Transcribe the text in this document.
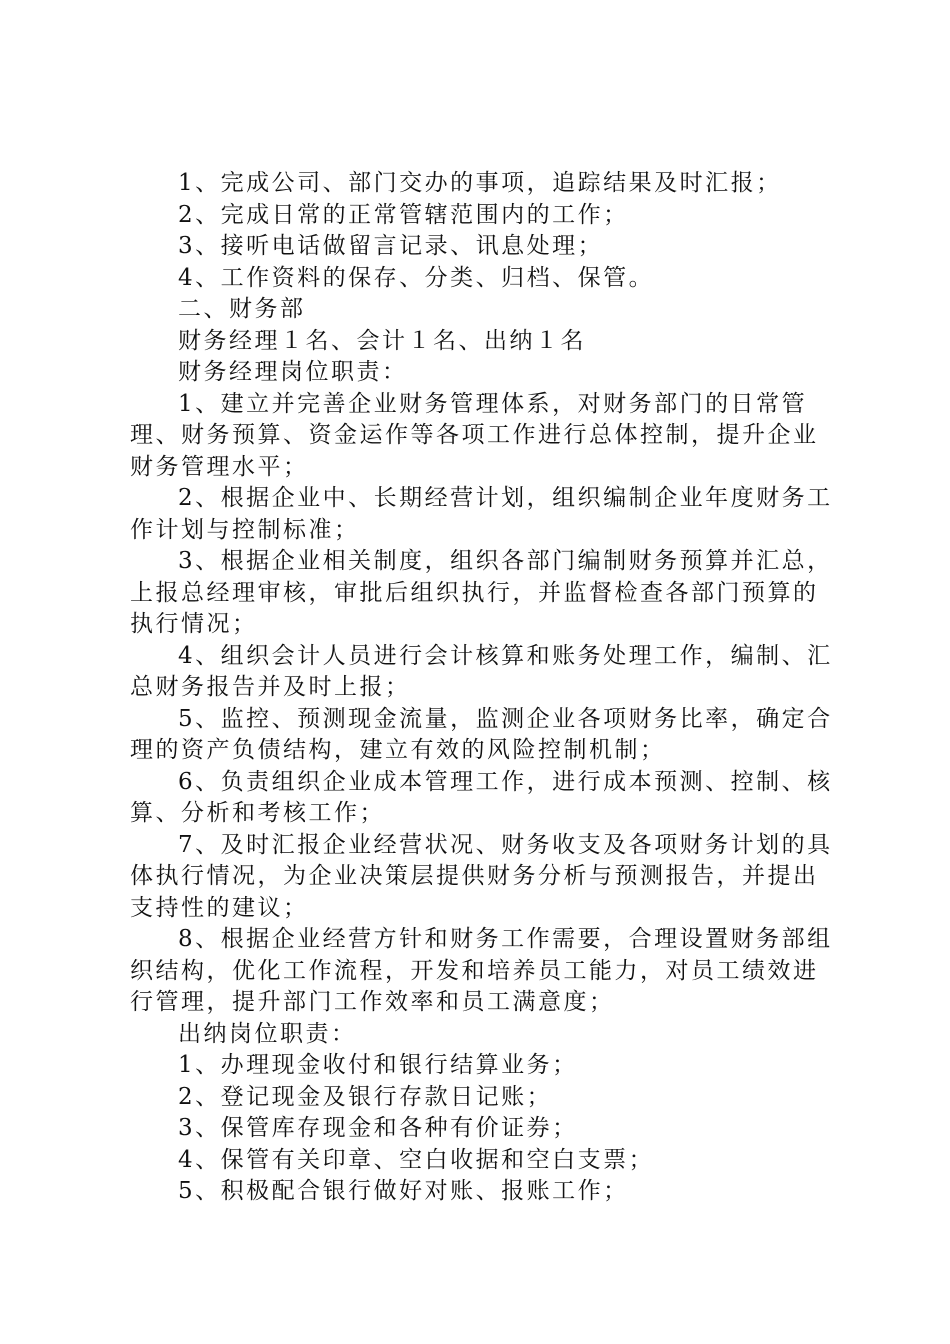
1、完成公司、部门交办的事项，追踪结果及时汇报；

2、完成日常的正常管辖范围内的工作；

3、接听电话做留言记录、讯息处理；

4、工作资料的保存、分类、归档、保管。

二、财务部

财务经理１名、会计１名、出纳１名

财务经理岗位职责：

1、建立并完善企业财务管理体系，对财务部门的日常管理、财务预算、资金运作等各项工作进行总体控制，提升企业财务管理水平；

2、根据企业中、长期经营计划，组织编制企业年度财务工作计划与控制标准；

3、根据企业相关制度，组织各部门编制财务预算并汇总，上报总经理审核，审批后组织执行，并监督检查各部门预算的执行情况；

4、组织会计人员进行会计核算和账务处理工作，编制、汇总财务报告并及时上报；

5、监控、预测现金流量，监测企业各项财务比率，确定合理的资产负债结构，建立有效的风险控制机制；

6、负责组织企业成本管理工作，进行成本预测、控制、核算、分析和考核工作；

7、及时汇报企业经营状况、财务收支及各项财务计划的具体执行情况，为企业决策层提供财务分析与预测报告，并提出支持性的建议；

8、根据企业经营方针和财务工作需要，合理设置财务部组织结构，优化工作流程，开发和培养员工能力，对员工绩效进行管理，提升部门工作效率和员工满意度；

出纳岗位职责：

1、办理现金收付和银行结算业务；

2、登记现金及银行存款日记账；

3、保管库存现金和各种有价证券；

4、保管有关印章、空白收据和空白支票；

5、积极配合银行做好对账、报账工作；
